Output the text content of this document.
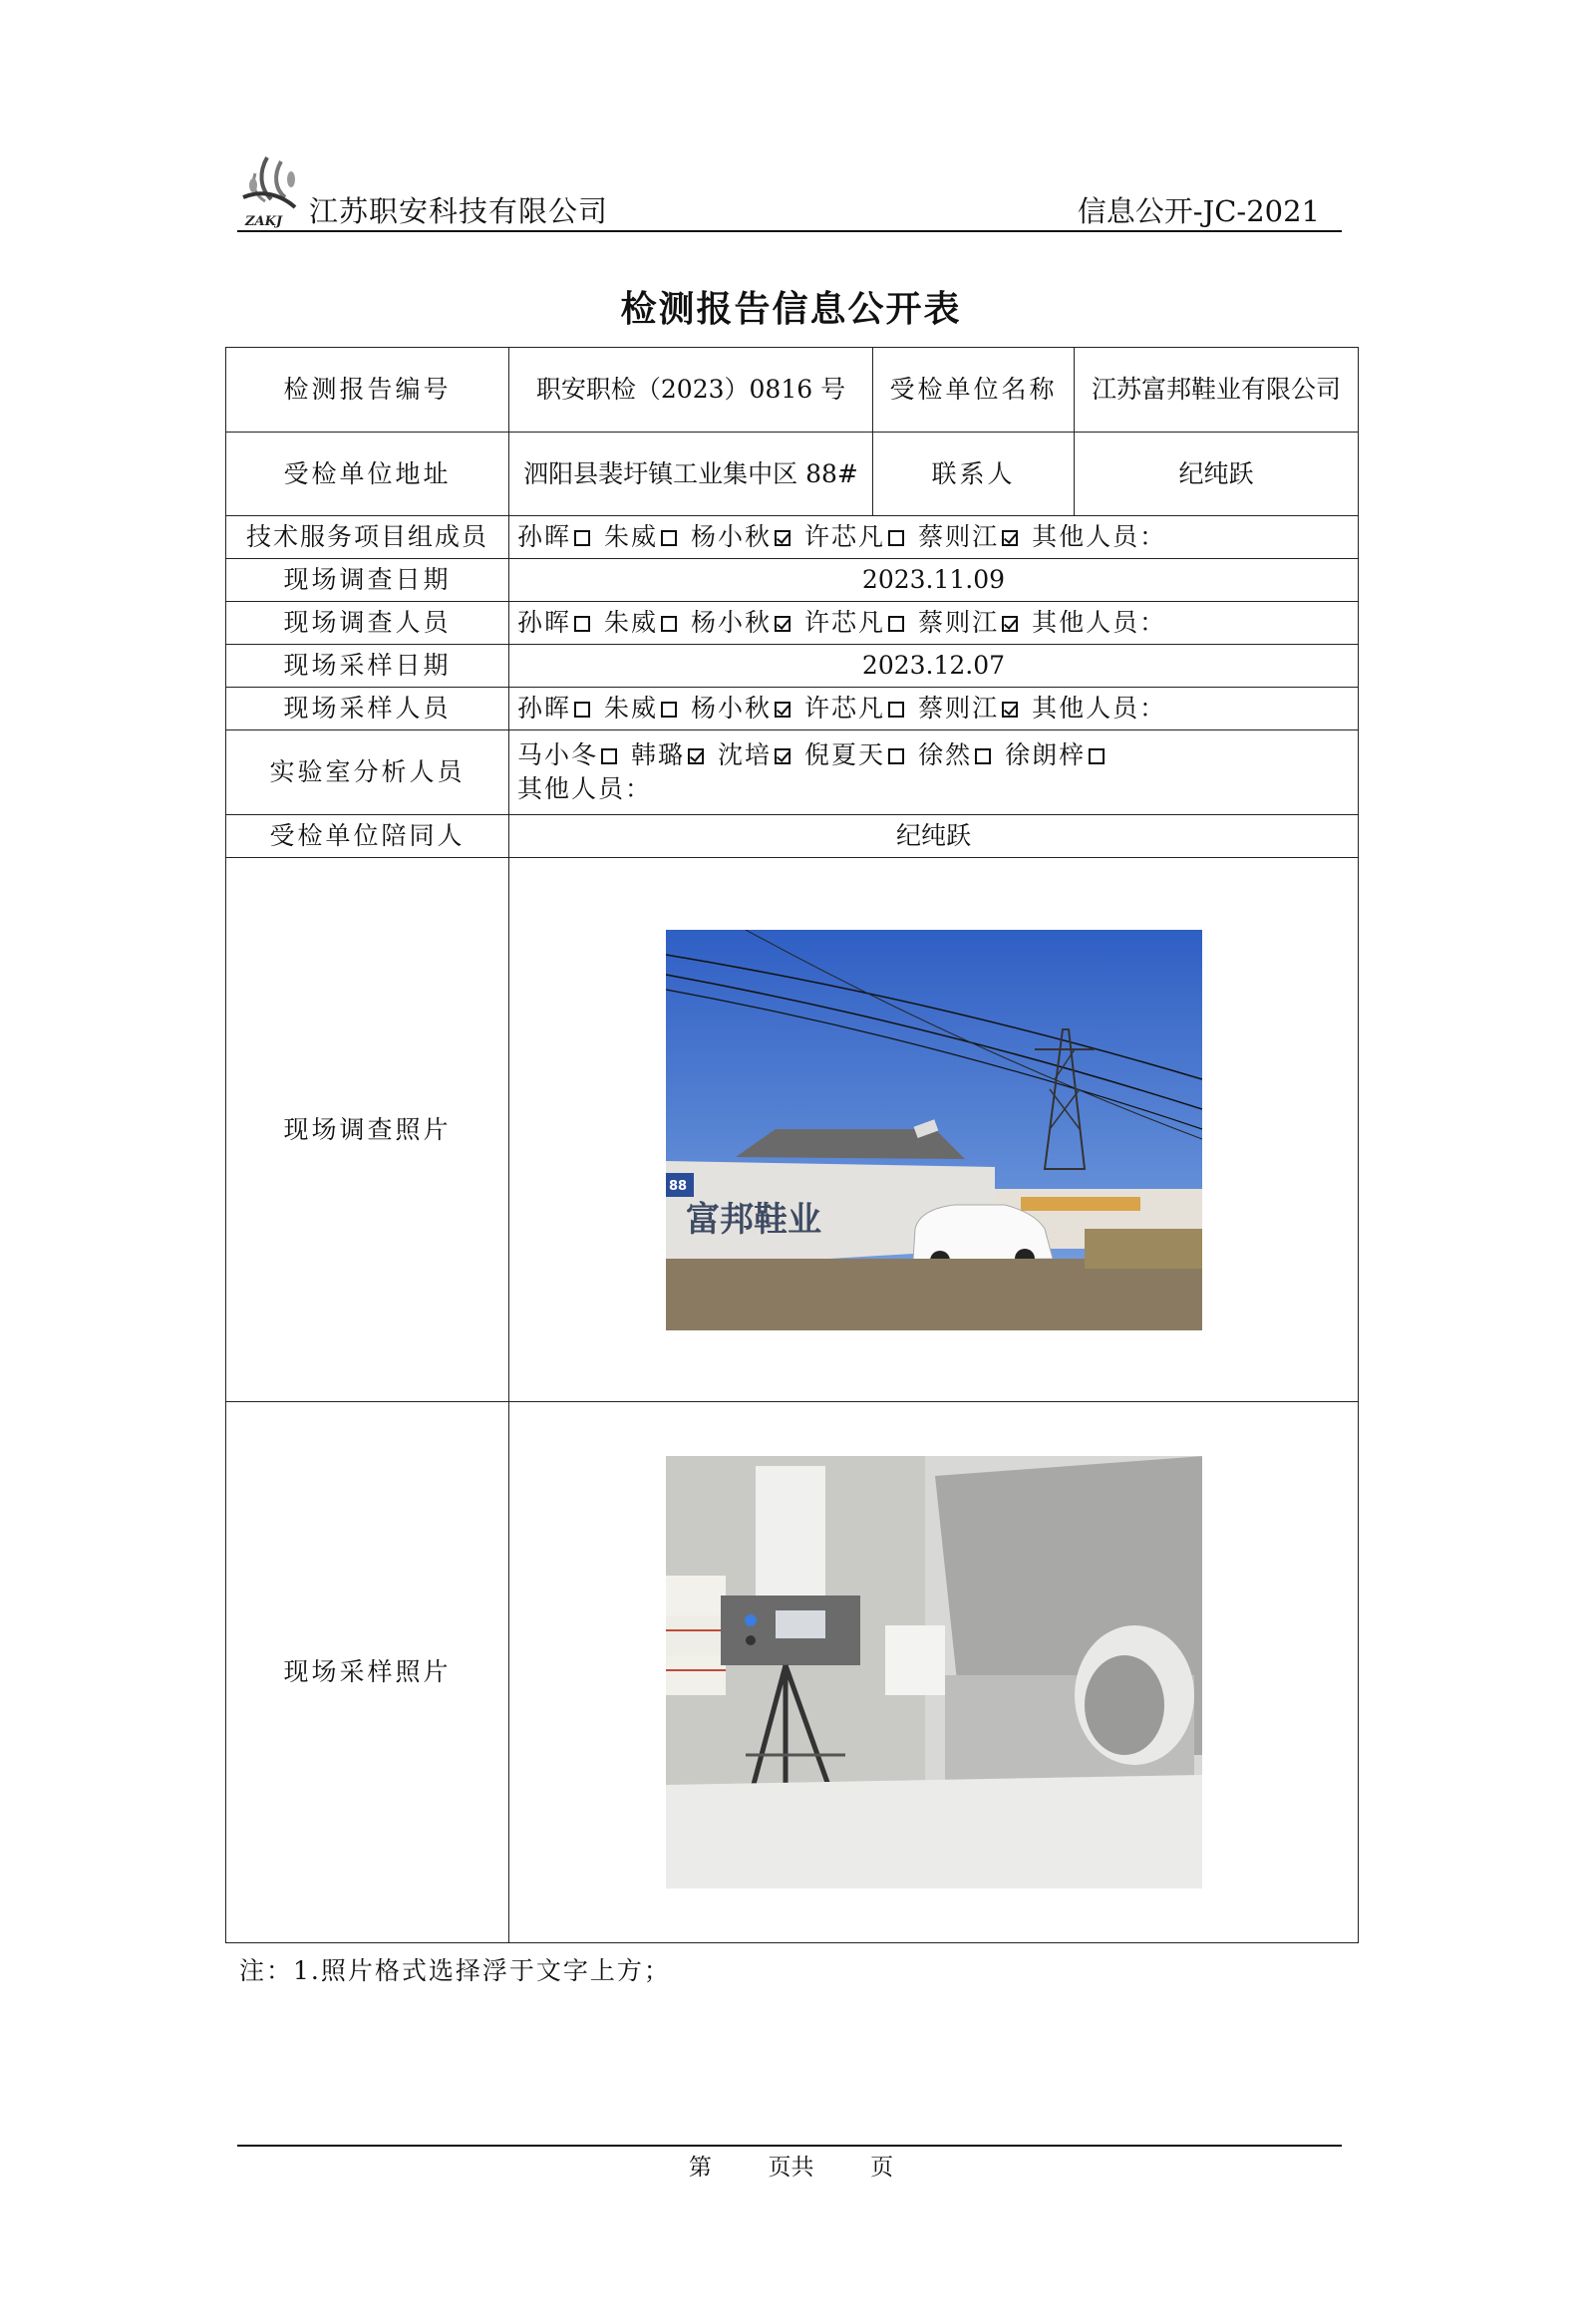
ZAKJ 江苏职安科技有限公司	信息公开-JC-2021
检测报告信息公开表
检测报告编号	职安职检（2023）0816 号	受检单位名称	江苏富邦鞋业有限公司
受检单位地址	泗阳县裴圩镇工业集中区 88#	联系人	纪纯跃
技术服务项目组成员	孙晖 朱威 杨小秋 许芯凡 蔡则江 其他人员：		
现场调查日期	2023.11.09		
现场调查人员	孙晖 朱威 杨小秋 许芯凡 蔡则江 其他人员：		
现场采样日期	2023.12.07		
现场采样人员	孙晖 朱威 杨小秋 许芯凡 蔡则江 其他人员：		
实验室分析人员	马小冬 韩璐 沈培 倪夏天 徐然 徐朗梓
其他人员：		
受检单位陪同人	纪纯跃		
现场调查照片	88
富邦鞋业		

现场采样照片	
注：1.照片格式选择浮于文字上方；
第 页共 页
